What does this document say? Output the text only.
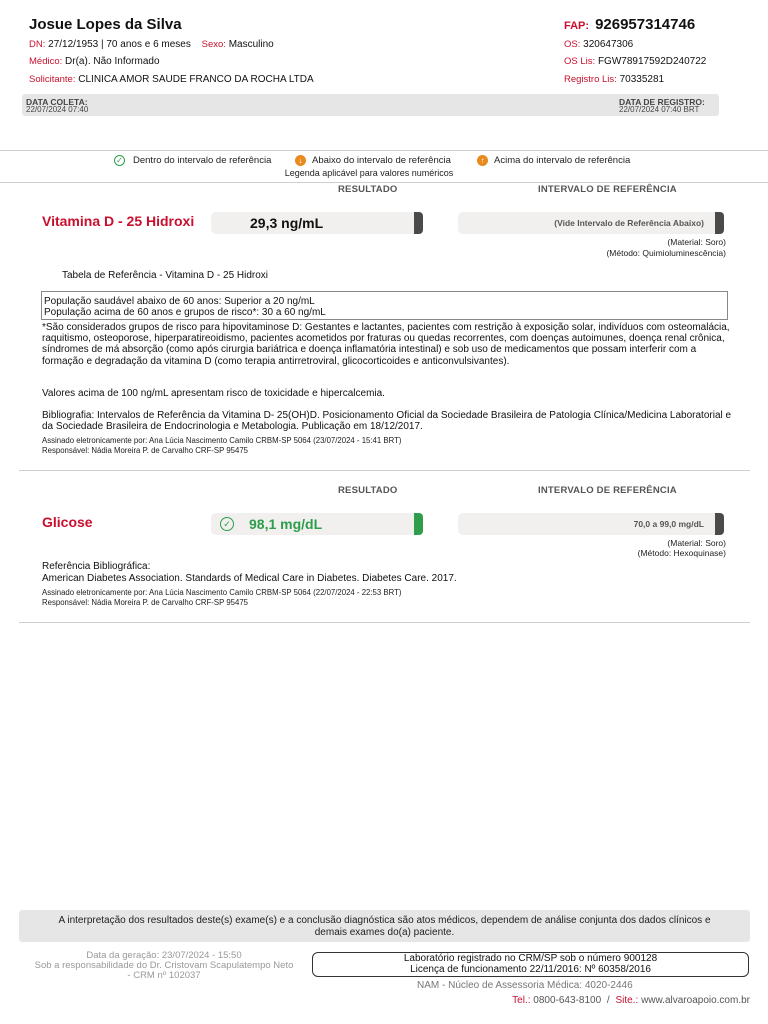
Josue Lopes da Silva
DN: 27/12/1953 | 70 anos e 6 meses Sexo: Masculino
Médico: Dr(a). Não Informado
Solicitante: CLINICA AMOR SAUDE FRANCO DA ROCHA LTDA
FAP: 926957314746
OS: 320647306
OS Lis: FGW78917592D240722
Registro Lis: 70335281
DATA COLETA:
22/07/2024 07:40
DATA DE REGISTRO:
22/07/2024 07:40 BRT
✓ Dentro do intervalo de referência	↓	Abaixo do intervalo de referência	↑	Acima do intervalo de referência
Legenda aplicável para valores numéricos
RESULTADO	INTERVALO DE REFERÊNCIA
Vitamina D - 25 Hidroxi	29,3 ng/mL	(Vide Intervalo de Referência Abaixo)
(Material: Soro)
(Método: Quimioluminescência)
Tabela de Referência - Vitamina D - 25 Hidroxi
População saudável abaixo de 60 anos: Superior a 20 ng/mL
População acima de 60 anos e grupos de risco*: 30 a 60 ng/mL
*São considerados grupos de risco para hipovitaminose D: Gestantes e lactantes, pacientes com restrição à exposição solar, indivíduos com osteomalácia, raquitismo, osteoporose, hiperparatireoidismo, pacientes acometidos por fraturas ou quedas recorrentes, com doenças autoimunes, doença renal crônica, síndromes de má absorção (como após cirurgia bariátrica e doença inflamatória intestinal) e sob uso de medicamentos que possam interferir com a formação e degradação da vitamina D (como terapia antirretroviral, glicocorticoides e anticonvulsivantes).
Valores acima de 100 ng/mL apresentam risco de toxicidade e hipercalcemia.
Bibliografia: Intervalos de Referência da Vitamina D- 25(OH)D. Posicionamento Oficial da Sociedade Brasileira de Patologia Clínica/Medicina Laboratorial e da Sociedade Brasileira de Endocrinologia e Metabologia. Publicação em 18/12/2017.
Assinado eletronicamente por: Ana Lúcia Nascimento Camilo CRBM-SP 5064 (23/07/2024 - 15:41 BRT)
Responsável: Nádia Moreira P. de Carvalho CRF-SP 95475
RESULTADO	INTERVALO DE REFERÊNCIA
Glicose	✓ 98,1 mg/dL	70,0 a 99,0 mg/dL
(Material: Soro)
(Método: Hexoquinase)
Referência Bibliográfica:
American Diabetes Association. Standards of Medical Care in Diabetes. Diabetes Care. 2017.
Assinado eletronicamente por: Ana Lúcia Nascimento Camilo CRBM-SP 5064 (22/07/2024 - 22:53 BRT)
Responsável: Nádia Moreira P. de Carvalho CRF-SP 95475
A interpretação dos resultados deste(s) exame(s) e a conclusão diagnóstica são atos médicos, dependem de análise conjunta dos dados clínicos e
demais exames do(a) paciente.
Data da geração: 23/07/2024 - 15:50
Sob a responsabilidade do Dr. Cristovam Scapulatempo Neto
- CRM nº 102037
Laboratório registrado no CRM/SP sob o número 900128
Licença de funcionamento 22/11/2016: Nº 60358/2016
NAM - Núcleo de Assessoria Médica: 4020-2446
Tel.: 0800-643-8100 / Site.: www.alvaroapoio.com.br
